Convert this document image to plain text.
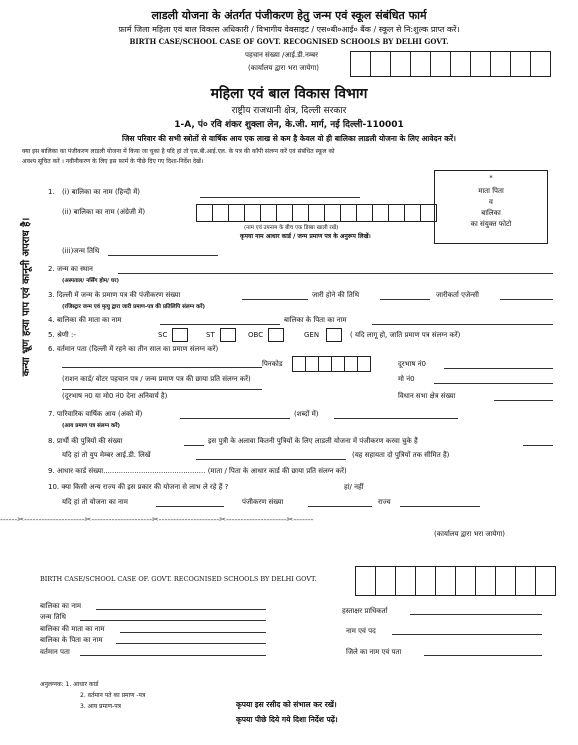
लाडली योजना के अंतर्गत पंजीकरण हेतु जन्म एवं स्कूल संबंधित फार्म
फ़ार्म जिला महिला एवं बाल विकास अधिकारी / विभागीय वेबसाइट / एस०बी०आई० बैंक / स्कूल से नि:शुल्क प्राप्त करें।
BIRTH CASE/SCHOOL CASE OF GOVT. RECOGNISED SCHOOLS BY DELHI GOVT.
पहचान संख्या /आई.डी.नम्बर
(कार्यालय द्वारा भरा जायेगा)
महिला एवं बाल विकास विभाग
राष्ट्रीय राजधानी क्षेत्र, दिल्ली सरकार
1-A, पं० रवि शंकर शुक्ला लेन, के.जी. मार्ग, नई दिल्ली-110001
जिस परिवार की सभी स्त्रोतों से वार्षिक आय एक लाख से कम है केवल वो ही बालिका लाडली योजना के लिए आवेदन करें।
क्या इस बालिका का पंजीकरण लाडली योजना में किया जा चुका है यदि हां तो एस.बी.आई.एल. के पत्र की कॉपी संलग्न करें एवं संबंधित स्कूल को
अवश्य सूचित करें । नवीनीकरण के लिए इस फ़ार्म के पीछे दिए गए दिशा-निर्देश देखें।
*
माता पिता
व
बालिका
का संयुक्त फोटो
कन्या भ्रूण हत्या पाप एवं कानूनी अपराध है।
1. (i) बालिका का नाम (हिन्दी में)
(ii) बालिका का नाम (अंग्रेजी में)
(नाम एवं उपनाम के बीच एक डिब्बा खाली रखें)
कृपया नाम आधार कार्ड / जन्म प्रमाण पत्र के अनुरूप लिखें।
(iii)जन्म तिथि
2. जन्म का स्थान
(अस्पताल/ नर्सिंग होम/ घर)
3. दिल्ली में जन्म के प्रमाण पत्र की पंजीकरण संख्या	जारी होने की तिथि	जारीकर्ता एजेन्सी
(रजिस्ट्रार जन्म एवं मृत्यु द्वारा जारी प्रमाण-पत्र की प्रतिलिपि संलग्न करें)
4. बालिका की माता का नाम	बालिका के पिता का नाम
5. श्रेणी :-	SC	ST	OBC	GEN	( यदि लागू हो, जाति प्रमाण पत्र संलग्न करें)
6. वर्तमान पता (दिल्ली में रहने का तीन साल का प्रमाण संलग्न करें)
पिनकोड	दूरभाष नं0
(राशन कार्ड/ वोटर पहचान पत्र / जन्म प्रमाण पत्र की छाया प्रति संलग्न करें)	मो नं0
(दूरभाष न0 या मो0 नं0 देना अनिवार्य है)	विधान सभा क्षेत्र संख्या
7. पारिवारिक वार्षिक आय (अंको में)	(शब्दों में)
(आय प्रमाण पत्र संलग्न करें)
8. प्रार्थी की पुत्रियों की संख्या	इस पुत्री के अलावा कितनी पुत्रियों के लिए लाडली योजना में पंजीकरण करवा चुके हैं
यदि हां तो युप मेम्बर आई.डी. लिखें	(यह सहायता दो पुत्रियों तक सीमित हैं)
9. आधार कार्ड संख्या.............................................. (माता / पिता के आधार कार्ड की छाया प्रति संलग्न करें)
10. क्या किसी अन्य राज्य की इस प्रकार की योजना से लाभ ले रहे हैं ?	हां/ नहीं
यदि हां तो योजना का नाम	पंजीकरण संख्या	राज्य
------✂---------------------✂---------------------✂---------------------✂---------------------✂-------
(कार्यालय द्वारा भरा जायेगा)
BIRTH CASE/SCHOOL CASE OF. GOVT. RECOGNISED SCHOOLS BY DELHI GOVT.
बालिका का नाम
जन्म तिथि
बालिका की माता का नाम
बालिका के पिता का नाम
वर्तमान पता
हस्ताक्षर प्राधिकर्ता
नाम एवं पद
जिले का नाम एवं पता
अनुलग्नक: 1. आधार कार्ड
2. वर्तमान पते का प्रमाण -पत्र
3. आय प्रमाण-पत्र	कृपया इस रसीद को संभाल कर रखें।
कृपया पीछे दिये गये दिशा निर्देश पढ़ें।
